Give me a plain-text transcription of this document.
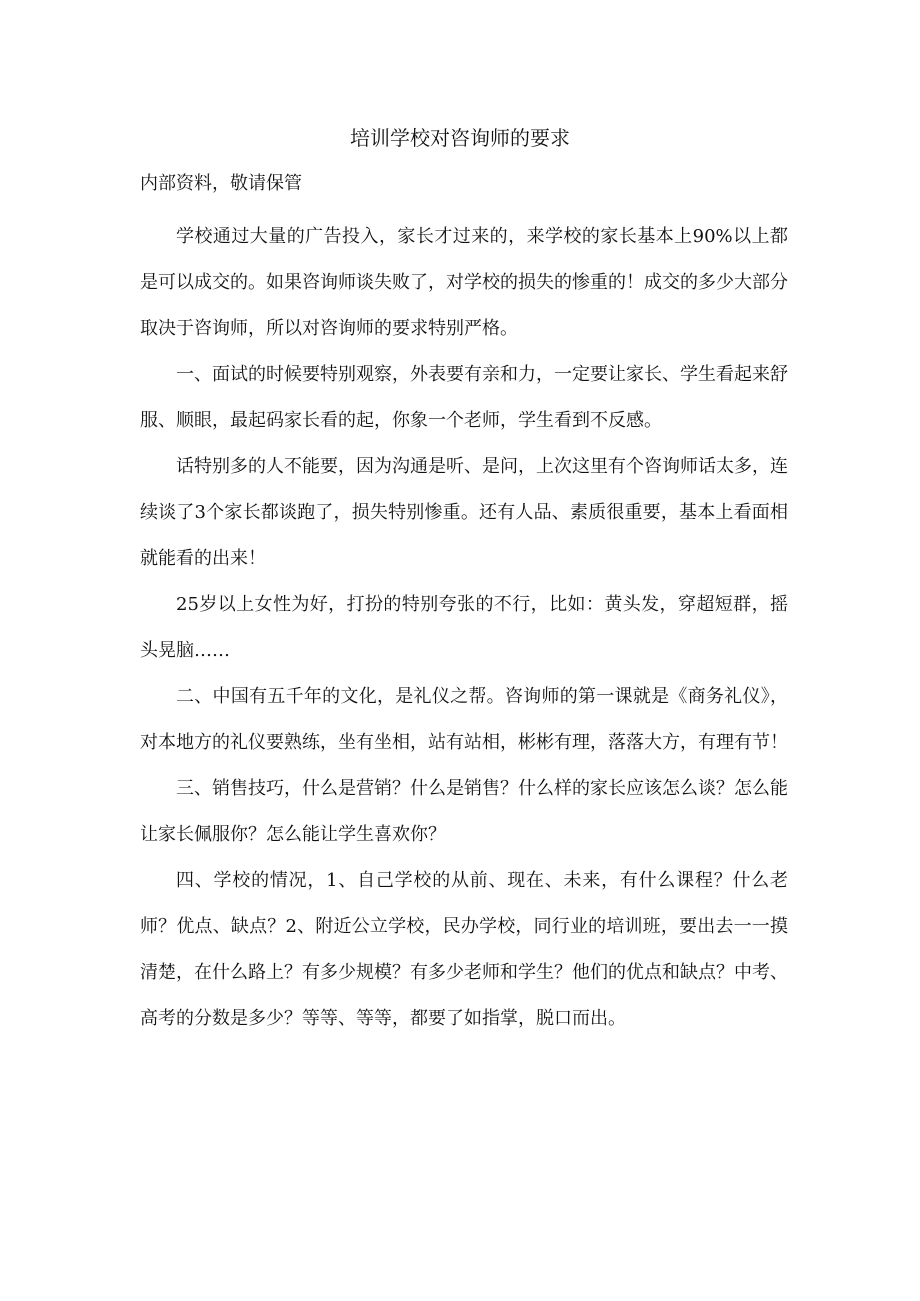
培训学校对咨询师的要求

内部资料，敬请保管

学校通过大量的广告投入，家长才过来的，来学校的家长基本上90%以上都是可以成交的。如果咨询师谈失败了，对学校的损失的惨重的！成交的多少大部分取决于咨询师，所以对咨询师的要求特别严格。

一、面试的时候要特别观察，外表要有亲和力，一定要让家长、学生看起来舒服、顺眼，最起码家长看的起，你象一个老师，学生看到不反感。

话特别多的人不能要，因为沟通是听、是问，上次这里有个咨询师话太多，连续谈了3个家长都谈跑了，损失特别惨重。还有人品、素质很重要，基本上看面相就能看的出来！

25岁以上女性为好，打扮的特别夸张的不行，比如：黄头发，穿超短群，摇头晃脑……

二、中国有五千年的文化，是礼仪之帮。咨询师的第一课就是《商务礼仪》，对本地方的礼仪要熟练，坐有坐相，站有站相，彬彬有理，落落大方，有理有节！

三、销售技巧，什么是营销？什么是销售？什么样的家长应该怎么谈？怎么能让家长佩服你？怎么能让学生喜欢你？

四、学校的情况，1、自己学校的从前、现在、未来，有什么课程？什么老师？优点、缺点？2、附近公立学校，民办学校，同行业的培训班，要出去一一摸清楚，在什么路上？有多少规模？有多少老师和学生？他们的优点和缺点？中考、高考的分数是多少？等等、等等，都要了如指掌，脱口而出。
